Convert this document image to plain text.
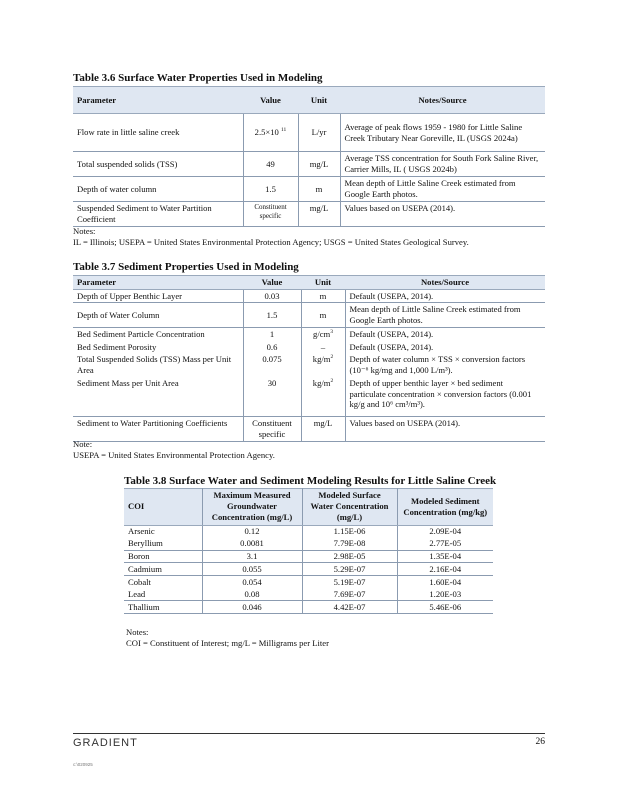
Table 3.6 Surface Water Properties Used in Modeling
Parameter	Value	Unit	Notes/Source
Flow rate in little saline creek	2.5×10 $^{11}$	L/yr	Average of peak flows 1959 - 1980 for Little Saline Creek Tributary Near Goreville, IL (USGS 2024a)
Total suspended solids (TSS)	49	mg/L	Average TSS concentration for South Fork Saline River, Carrier Mills, IL ( USGS 2024b)
Depth of water column	1.5	m	Mean depth of Little Saline Creek estimated from Google Earth photos.
Suspended Sediment to Water Partition Coefficient	Constituent specific	mg/L	Values based on USEPA (2014).
Notes:
IL = Illinois; USEPA = United States Environmental Protection Agency; USGS = United States Geological Survey.
Table 3.7 Sediment Properties Used in Modeling
Parameter	Value	Unit	Notes/Source
Depth of Upper Benthic Layer	0.03	m	Default (USEPA, 2014).
Depth of Water Column	1.5	m	Mean depth of Little Saline Creek estimated from Google Earth photos.
Bed Sediment Particle Concentration	1	$g/cm^3$	Default (USEPA, 2014).
Bed Sediment Porosity	0.6	–	Default (USEPA, 2014).
Total Suspended Solids (TSS) Mass per Unit Area	0.075	$kg/m^2$	Depth of water column × TSS × conversion factors (10⁻⁶ kg/mg and 1,000 L/m³).
Sediment Mass per Unit Area	30	$kg/m^2$	Depth of upper benthic layer × bed sediment particulate concentration × conversion factors (0.001 kg/g and 10⁶ cm³/m³).
Sediment to Water Partitioning Coefficients	Constituent specific	mg/L	Values based on USEPA (2014).
Note:
USEPA = United States Environmental Protection Agency.
Table 3.8 Surface Water and Sediment Modeling Results for Little Saline Creek
COI	Maximum Measured Groundwater Concentration (mg/L)	Modeled Surface Water Concentration (mg/L)	Modeled Sediment Concentration (mg/kg)
Arsenic	0.12	1.15E-06	2.09E-04
Beryllium	0.0081	7.79E-08	2.77E-05
Boron	3.1	2.98E-05	1.35E-04
Cadmium	0.055	5.29E-07	2.16E-04
Cobalt	0.054	5.19E-07	1.60E-04
Lead	0.08	7.69E-07	1.20E-03
Thallium	0.046	4.42E-07	5.46E-06
Notes:
COI = Constituent of Interest; mg/L = Milligrams per Liter
GRADIENT	26
c:\020925
